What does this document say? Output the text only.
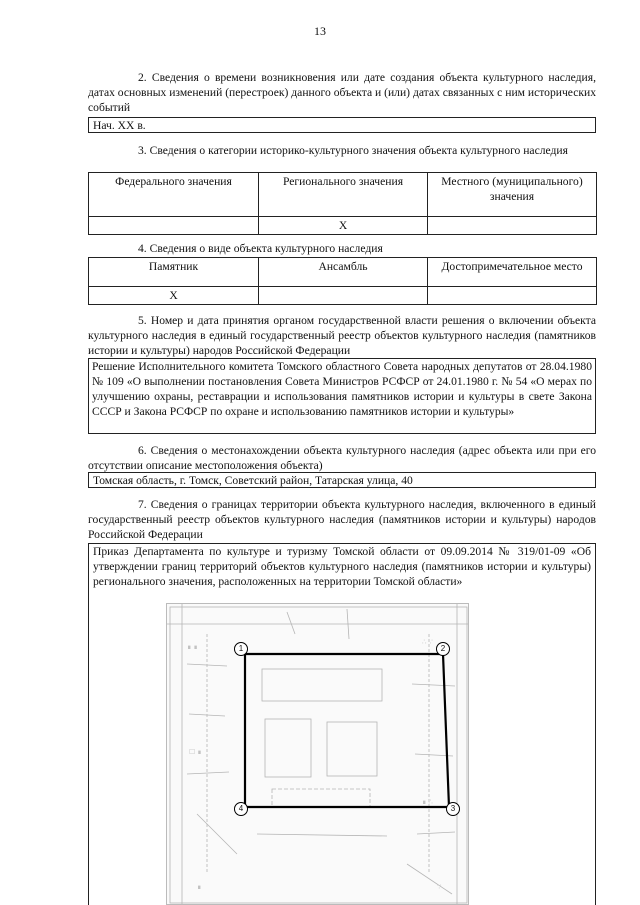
13
2. Сведения о времени возникновения или дате создания объекта культурного наследия, датах основных изменений (перестроек) данного объекта и (или) датах связанных с ним исторических событий
Нач. XX в.
3. Сведения о категории историко-культурного значения объекта культурного наследия
Федерального значения	Регионального значения	Местного (муниципального) значения
	X	
4. Сведения о виде объекта культурного наследия
Памятник	Ансамбль	Достопримечательное место
X		
5. Номер и дата принятия органом государственной власти решения о включении объекта культурного наследия в единый государственный реестр объектов культурного наследия (памятников истории и культуры) народов Российской Федерации
Решение Исполнительного комитета Томского областного Совета народных депутатов от 28.04.1980 № 109 «О выполнении постановления Совета Министров РСФСР от 24.01.1980 г. № 54 «О мерах по улучшению охраны, реставрации и использования памятников истории и культуры в свете Закона СССР и Закона РСФСР по охране и использованию памятников истории и культуры»
6. Сведения о местонахождении объекта культурного наследия (адрес объекта или при его отсутствии описание местоположения объекта)
Томская область, г. Томск, Советский район, Татарская улица, 40
7. Сведения о границах территории объекта культурного наследия, включенного в единый государственный реестр объектов культурного наследия (памятников истории и культуры) народов Российской Федерации
Приказ Департамента по культуре и туризму Томской области от 09.09.2014 № 319/01-09 «Об утверждении границ территорий объектов культурного наследия (памятников истории и культуры) регионального значения, расположенных на территории Томской области»
∎ ∎
∴ ∵
☐ ∎
∎ ∴
∎	∵
1	2
3
4
